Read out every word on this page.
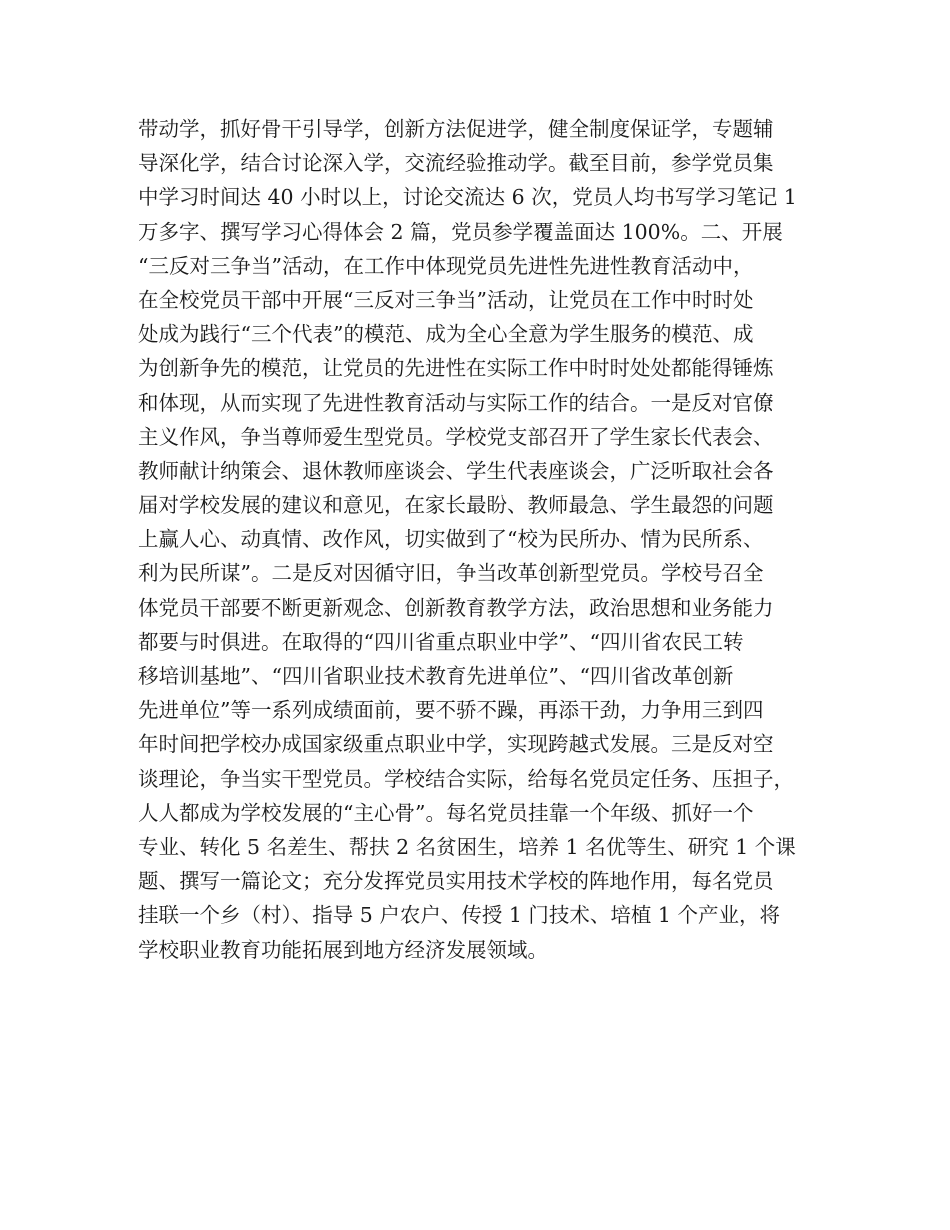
带动学，抓好骨干引导学，创新方法促进学，健全制度保证学，专题辅
导深化学，结合讨论深入学，交流经验推动学。截至目前，参学党员集
中学习时间达 40 小时以上，讨论交流达 6 次，党员人均书写学习笔记 1
万多字、撰写学习心得体会 2 篇，党员参学覆盖面达 100%。二、开展
“三反对三争当”活动，在工作中体现党员先进性先进性教育活动中，
在全校党员干部中开展“三反对三争当”活动，让党员在工作中时时处
处成为践行“三个代表”的模范、成为全心全意为学生服务的模范、成
为创新争先的模范，让党员的先进性在实际工作中时时处处都能得锤炼
和体现，从而实现了先进性教育活动与实际工作的结合。一是反对官僚
主义作风，争当尊师爱生型党员。学校党支部召开了学生家长代表会、
教师献计纳策会、退休教师座谈会、学生代表座谈会，广泛听取社会各
届对学校发展的建议和意见，在家长最盼、教师最急、学生最怨的问题
上赢人心、动真情、改作风，切实做到了“校为民所办、情为民所系、
利为民所谋”。二是反对因循守旧，争当改革创新型党员。学校号召全
体党员干部要不断更新观念、创新教育教学方法，政治思想和业务能力
都要与时俱进。在取得的“四川省重点职业中学”、“四川省农民工转
移培训基地”、“四川省职业技术教育先进单位”、“四川省改革创新
先进单位”等一系列成绩面前，要不骄不躁，再添干劲，力争用三到四
年时间把学校办成国家级重点职业中学，实现跨越式发展。三是反对空
谈理论，争当实干型党员。学校结合实际，给每名党员定任务、压担子，
人人都成为学校发展的“主心骨”。每名党员挂靠一个年级、抓好一个
专业、转化 5 名差生、帮扶 2 名贫困生，培养 1 名优等生、研究 1 个课
题、撰写一篇论文；充分发挥党员实用技术学校的阵地作用，每名党员
挂联一个乡（村）、指导 5 户农户、传授 1 门技术、培植 1 个产业，将
学校职业教育功能拓展到地方经济发展领域。
